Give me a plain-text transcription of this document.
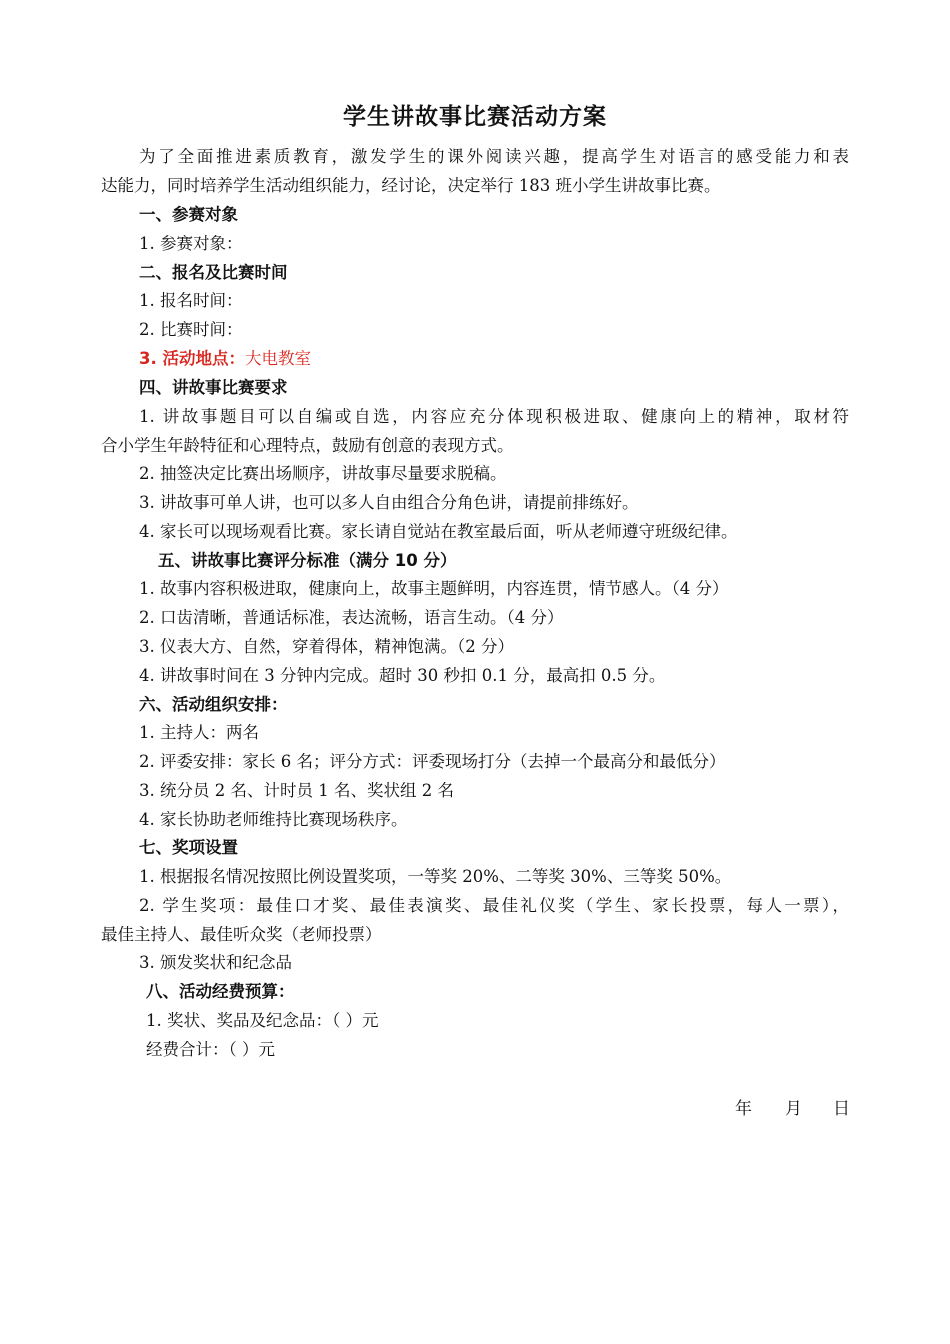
学生讲故事比赛活动方案
为了全面推进素质教育，激发学生的课外阅读兴趣，提高学生对语言的感受能力和表
达能力，同时培养学生活动组织能力，经讨论，决定举行 183 班小学生讲故事比赛。
一、参赛对象
1. 参赛对象：
二、报名及比赛时间
1. 报名时间：
2. 比赛时间：
3. 活动地点：大电教室
四、讲故事比赛要求
1. 讲故事题目可以自编或自选，内容应充分体现积极进取、健康向上的精神，取材符
合小学生年龄特征和心理特点，鼓励有创意的表现方式。
2. 抽签决定比赛出场顺序，讲故事尽量要求脱稿。
3. 讲故事可单人讲，也可以多人自由组合分角色讲，请提前排练好。
4. 家长可以现场观看比赛。家长请自觉站在教室最后面，听从老师遵守班级纪律。
五、讲故事比赛评分标准（满分 10 分）
1. 故事内容积极进取，健康向上，故事主题鲜明，内容连贯，情节感人。（4 分）
2. 口齿清晰，普通话标准，表达流畅，语言生动。（4 分）
3. 仪表大方、自然，穿着得体，精神饱满。（2 分）
4. 讲故事时间在 3 分钟内完成。超时 30 秒扣 0.1 分，最高扣 0.5 分。
六、活动组织安排：
1. 主持人：两名
2. 评委安排：家长 6 名；评分方式：评委现场打分（去掉一个最高分和最低分）
3. 统分员 2 名、计时员 1 名、奖状组 2 名
4. 家长协助老师维持比赛现场秩序。
七、奖项设置
1. 根据报名情况按照比例设置奖项，一等奖 20%、二等奖 30%、三等奖 50%。
2. 学生奖项：最佳口才奖、最佳表演奖、最佳礼仪奖（学生、家长投票，每人一票），
最佳主持人、最佳听众奖（老师投票）
3. 颁发奖状和纪念品
八、活动经费预算：
1. 奖状、奖品及纪念品：（ ）元
经费合计：（ ）元
年 月 日
